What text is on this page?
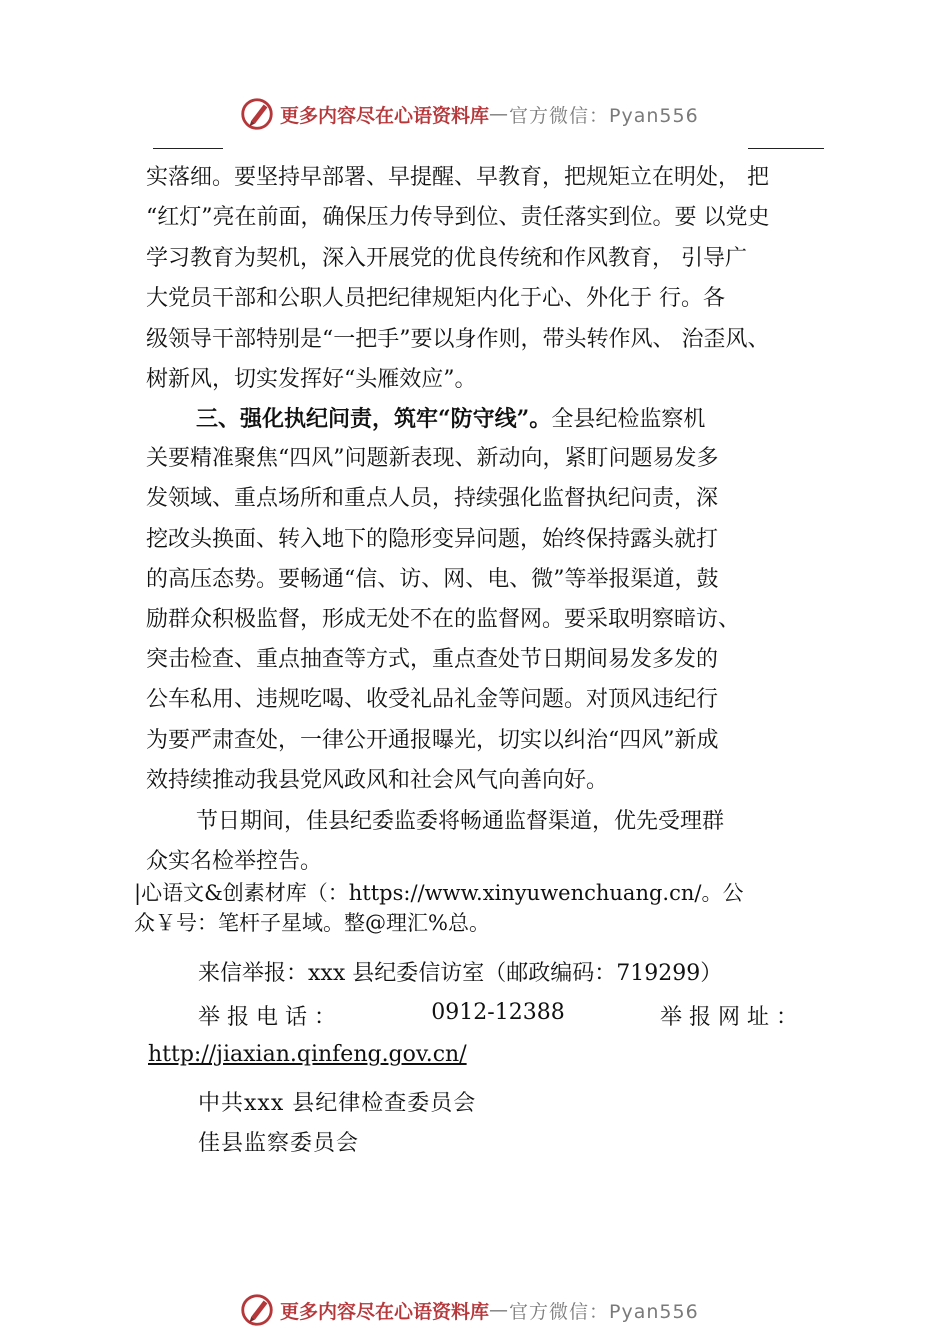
更多内容尽在心语资料库 — 官方微信：Pyan556
实落细。要坚持早部署、早提醒、早教育，把规矩立在明处， 把
“红灯”亮在前面，确保压力传导到位、责任落实到位。要 以党史
学习教育为契机，深入开展党的优良传统和作风教育， 引导广
大党员干部和公职人员把纪律规矩内化于心、外化于 行。各
级领导干部特别是“一把手”要以身作则，带头转作风、 治歪风、
树新风，切实发挥好“头雁效应”。
三、强化执纪问责，筑牢“防守线”。全县纪检监察机
关要精准聚焦“四风”问题新表现、新动向，紧盯问题易发多
发领域、重点场所和重点人员，持续强化监督执纪问责，深
挖改头换面、转入地下的隐形变异问题，始终保持露头就打
的高压态势。要畅通“信、访、网、电、微”等举报渠道，鼓
励群众积极监督，形成无处不在的监督网。要采取明察暗访、
突击检查、重点抽查等方式，重点查处节日期间易发多发的
公车私用、违规吃喝、收受礼品礼金等问题。对顶风违纪行
为要严肃查处，一律公开通报曝光，切实以纠治“四风”新成
效持续推动我县党风政风和社会风气向善向好。
节日期间，佳县纪委监委将畅通监督渠道，优先受理群
众实名检举控告。
|心语文&创素材库（：https://www.xinyuwenchuang.cn/。公
众￥号：笔杆子星域。整@理汇%总。
来信举报：xxx 县纪委信访室（邮政编码：719299）
举 报 电 话 ：	0912-12388	举 报 网 址 ：
http://jiaxian.qinfeng.gov.cn/
中共xxx 县纪律检查委员会
佳县监察委员会
更多内容尽在心语资料库 — 官方微信：Pyan556
